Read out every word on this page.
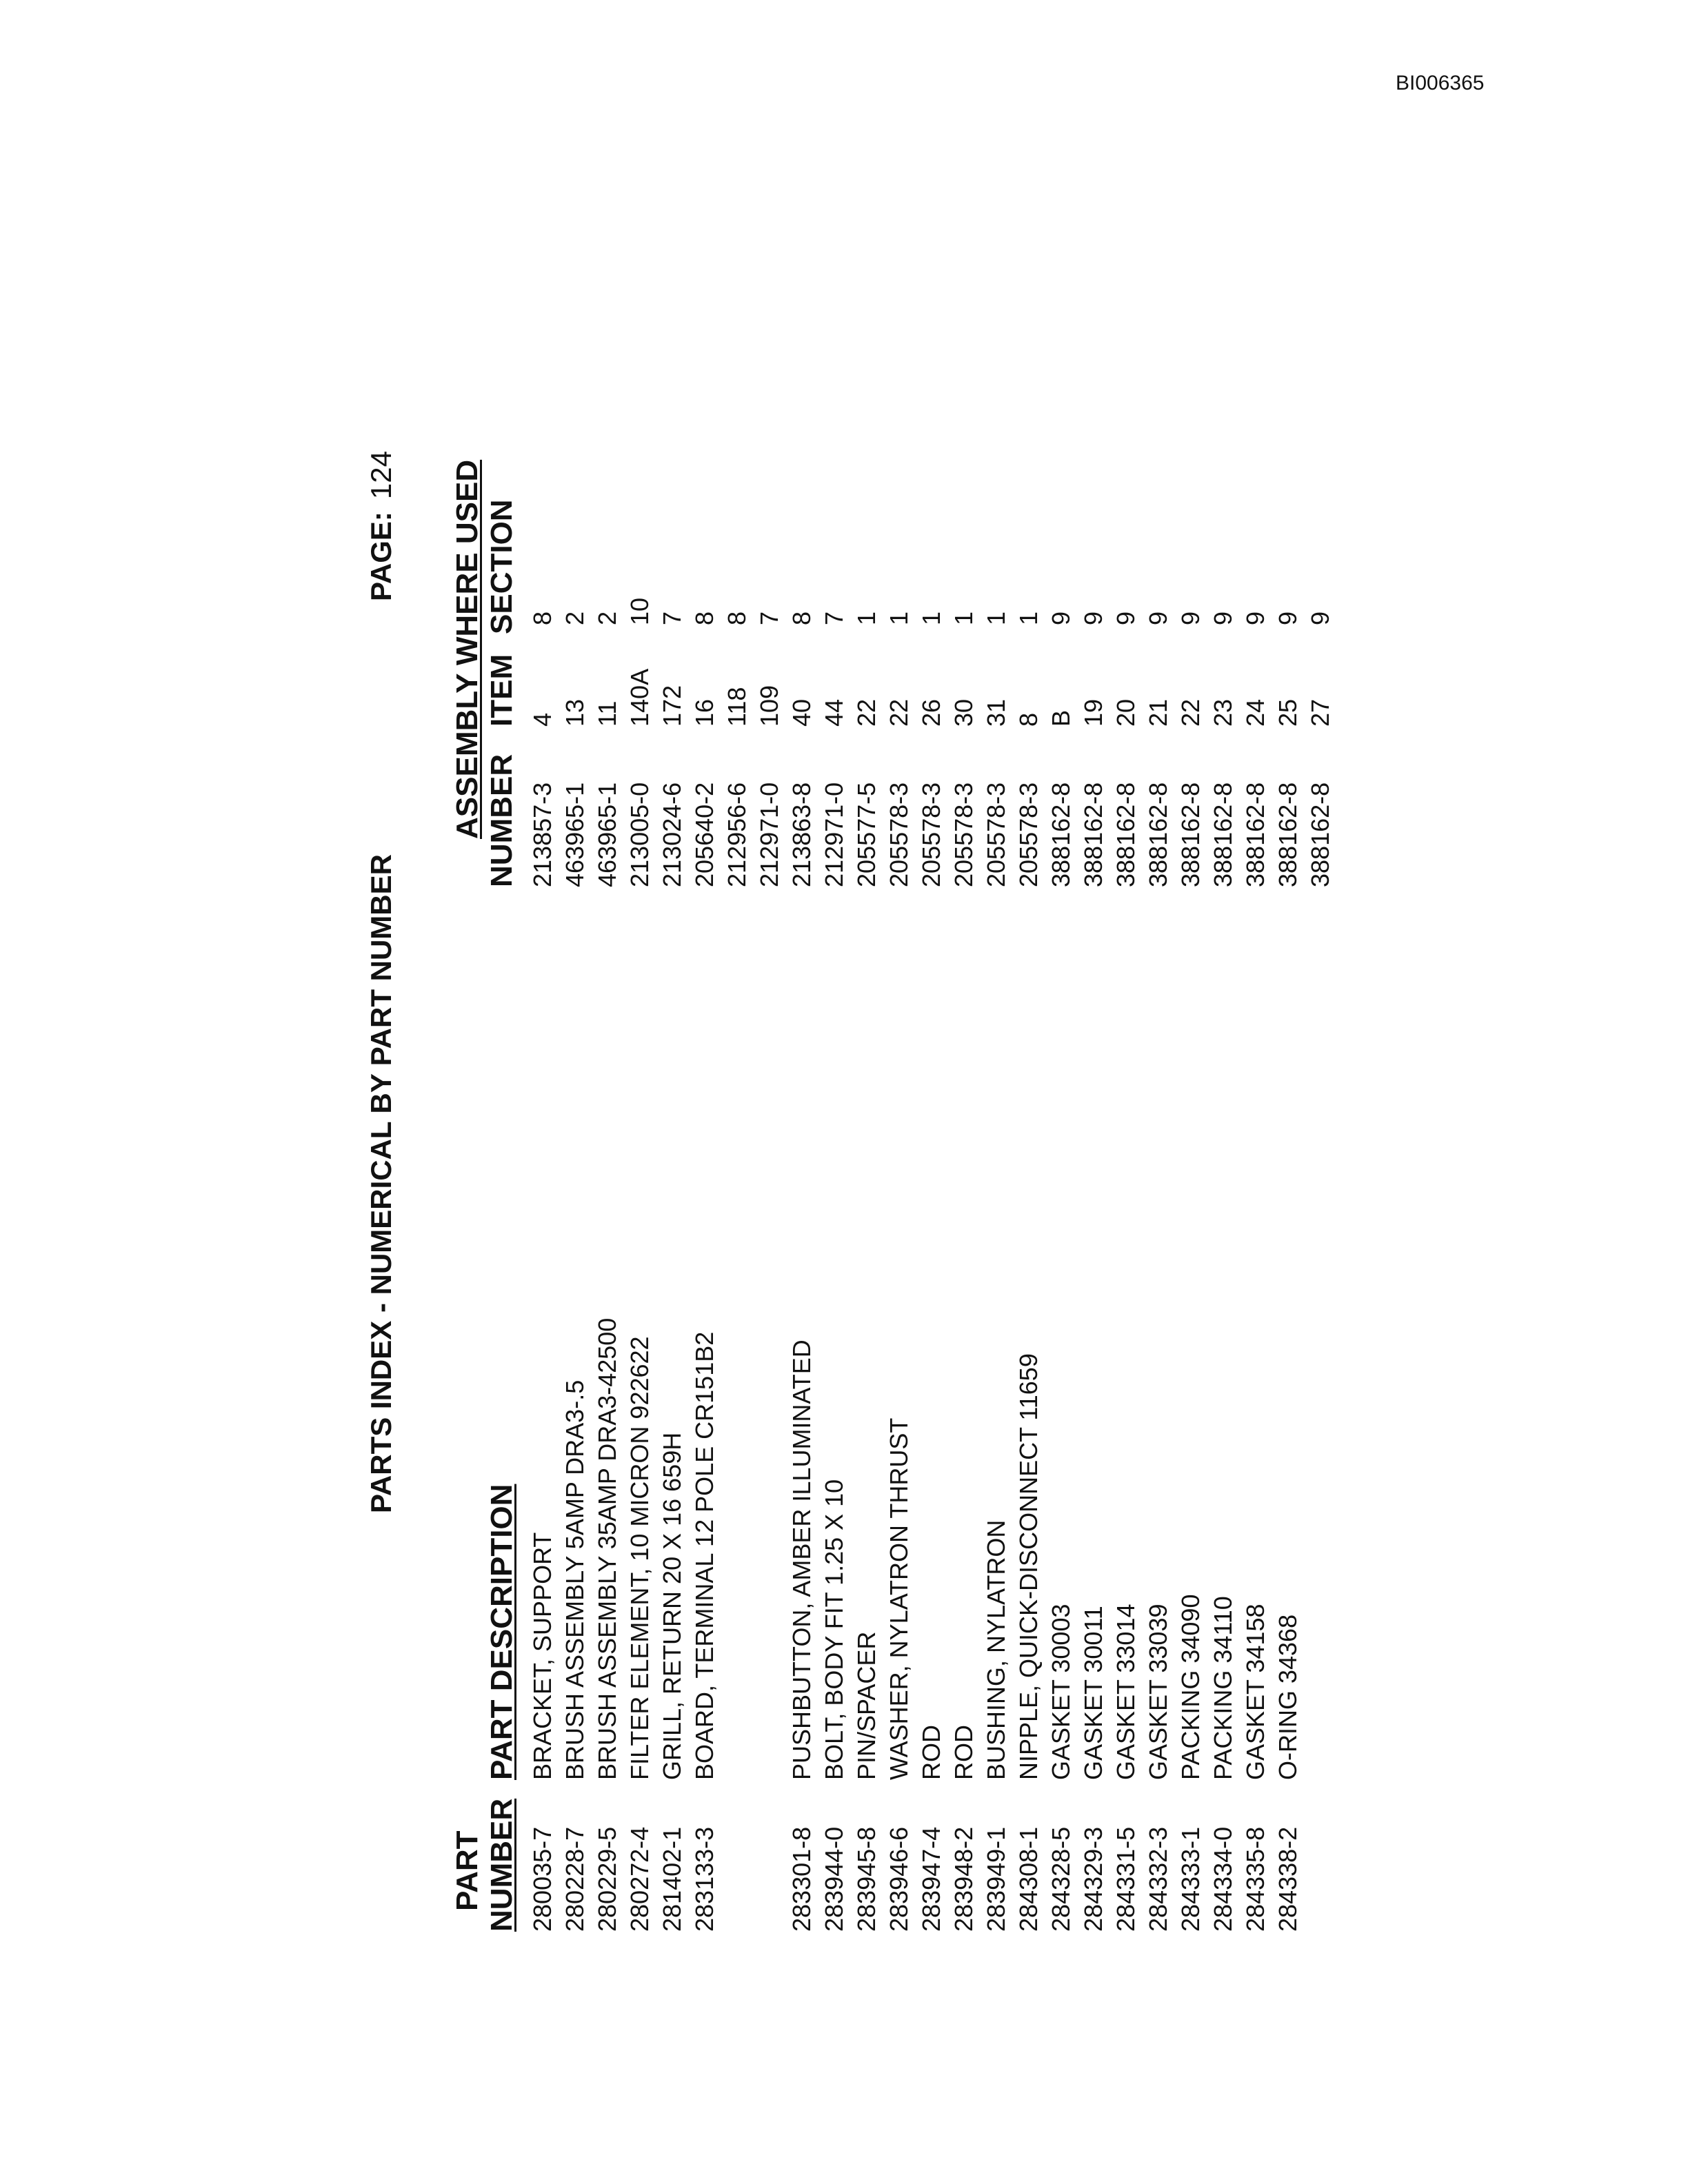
BI006365
PARTS INDEX - NUMERICAL BY PART NUMBER
PAGE:124
PART NUMBER
PART DESCRIPTION
ASSEMBLY WHERE USED NUMBER
ITEM
SECTION
280035-7
BRACKET, SUPPORT
213857-3
4
8
280228-7
BRUSH ASSEMBLY 5AMP DRA3-.5
463965-1
13
2
280229-5
BRUSH ASSEMBLY 35AMP DRA3-42500
463965-1
11
2
280272-4
FILTER ELEMENT, 10 MICRON 922622
213005-0
140A
10
281402-1
GRILL, RETURN 20 X 16 659H
213024-6
172
7
283133-3
BOARD, TERMINAL 12 POLE CR151B2
205640-2
16
8
212956-6
118
8
212971-0
109
7
283301-8
PUSHBUTTON, AMBER ILLUMINATED
213863-8
40
8
283944-0
BOLT, BODY FIT 1.25 X 10
212971-0
44
7
283945-8
PIN/SPACER
205577-5
22
1
283946-6
WASHER, NYLATRON THRUST
205578-3
22
1
283947-4
ROD
205578-3
26
1
283948-2
ROD
205578-3
30
1
283949-1
BUSHING, NYLATRON
205578-3
31
1
284308-1
NIPPLE, QUICK-DISCONNECT 11659
205578-3
8
1
284328-5
GASKET 30003
388162-8
B
9
284329-3
GASKET 30011
388162-8
19
9
284331-5
GASKET 33014
388162-8
20
9
284332-3
GASKET 33039
388162-8
21
9
284333-1
PACKING 34090
388162-8
22
9
284334-0
PACKING 34110
388162-8
23
9
284335-8
GASKET 34158
388162-8
24
9
284338-2
O-RING 34368
388162-8
25
9
388162-8
27
9
